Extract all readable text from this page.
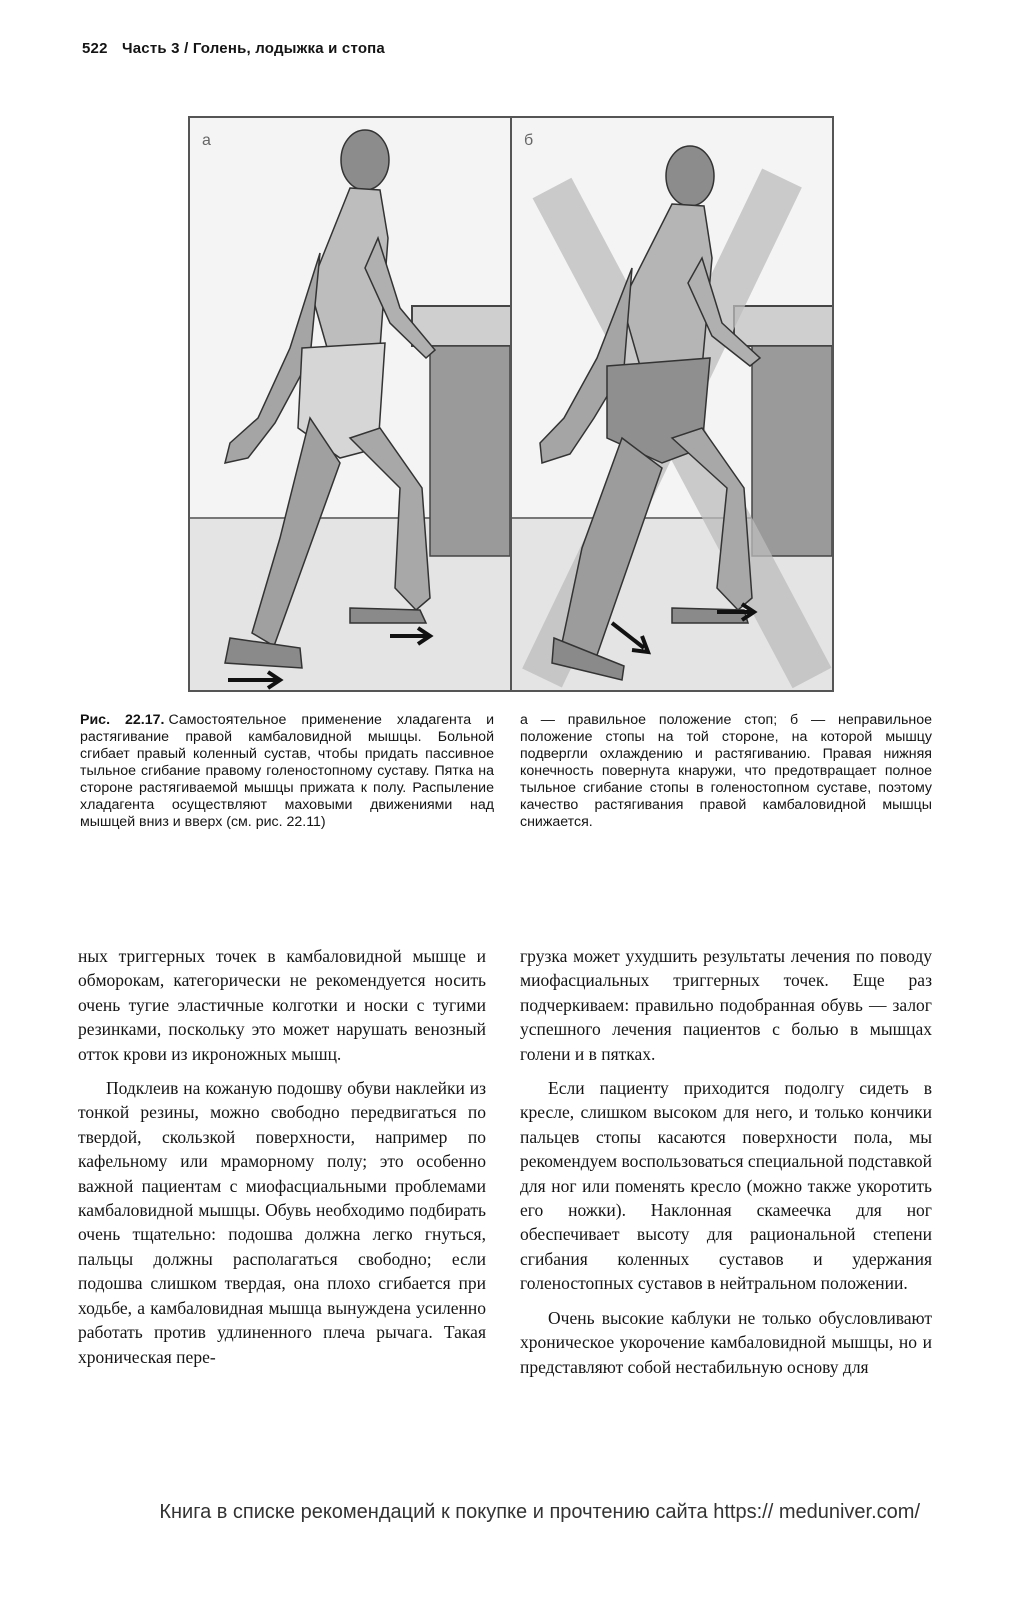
522 Часть 3 / Голень, лодыжка и стопа
а	б
Рис. 22.17. Самостоятельное применение хладагента и растягивание правой камбаловидной мышцы. Больной сгибает правый коленный сустав, чтобы придать пассивное тыльное сгибание правому голеностопному суставу. Пятка на стороне растягиваемой мышцы прижата к полу. Распыление хладагента осуществляют маховыми движениями над мышцей вниз и вверх (см. рис. 22.11)
а — правильное положение стоп; б — неправильное положение стопы на той стороне, на которой мышцу подвергли охлаждению и растягиванию. Правая нижняя конечность повернута кнаружи, что предотвращает полное тыльное сгибание стопы в голеностопном суставе, поэтому качество растягивания правой камбаловидной мышцы снижается.

ных триггерных точек в камбаловидной мышце и обморокам, категорически не рекомендуется носить очень тугие эластичные колготки и носки с тугими резинками, поскольку это может нарушать венозный отток крови из икроножных мышц.

Подклеив на кожаную подошву обуви наклейки из тонкой резины, можно свободно передвигаться по твердой, скользкой поверхности, например по кафельному или мраморному полу; это особенно важной пациентам с миофасциальными проблемами камбаловидной мышцы. Обувь необходимо подбирать очень тщательно: подошва должна легко гнуться, пальцы должны располагаться свободно; если подошва слишком твердая, она плохо сгибается при ходьбе, а камбаловидная мышца вынуждена усиленно работать против удлиненного плеча рычага. Такая хроническая пере-

грузка может ухудшить результаты лечения по поводу миофасциальных триггерных точек. Еще раз подчеркиваем: правильно подобранная обувь — залог успешного лечения пациентов с болью в мышцах голени и в пятках.

Если пациенту приходится подолгу сидеть в кресле, слишком высоком для него, и только кончики пальцев стопы касаются поверхности пола, мы рекомендуем воспользоваться специальной подставкой для ног или поменять кресло (можно также укоротить его ножки). Наклонная скамеечка для ног обеспечивает высоту для рациональной степени сгибания коленных суставов и удержания голеностопных суставов в нейтральном положении.

Очень высокие каблуки не только обусловливают хроническое укорочение камбаловидной мышцы, но и представляют собой нестабильную основу для

Книга в списке рекомендаций к покупке и прочтению сайта https:// meduniver.com/
